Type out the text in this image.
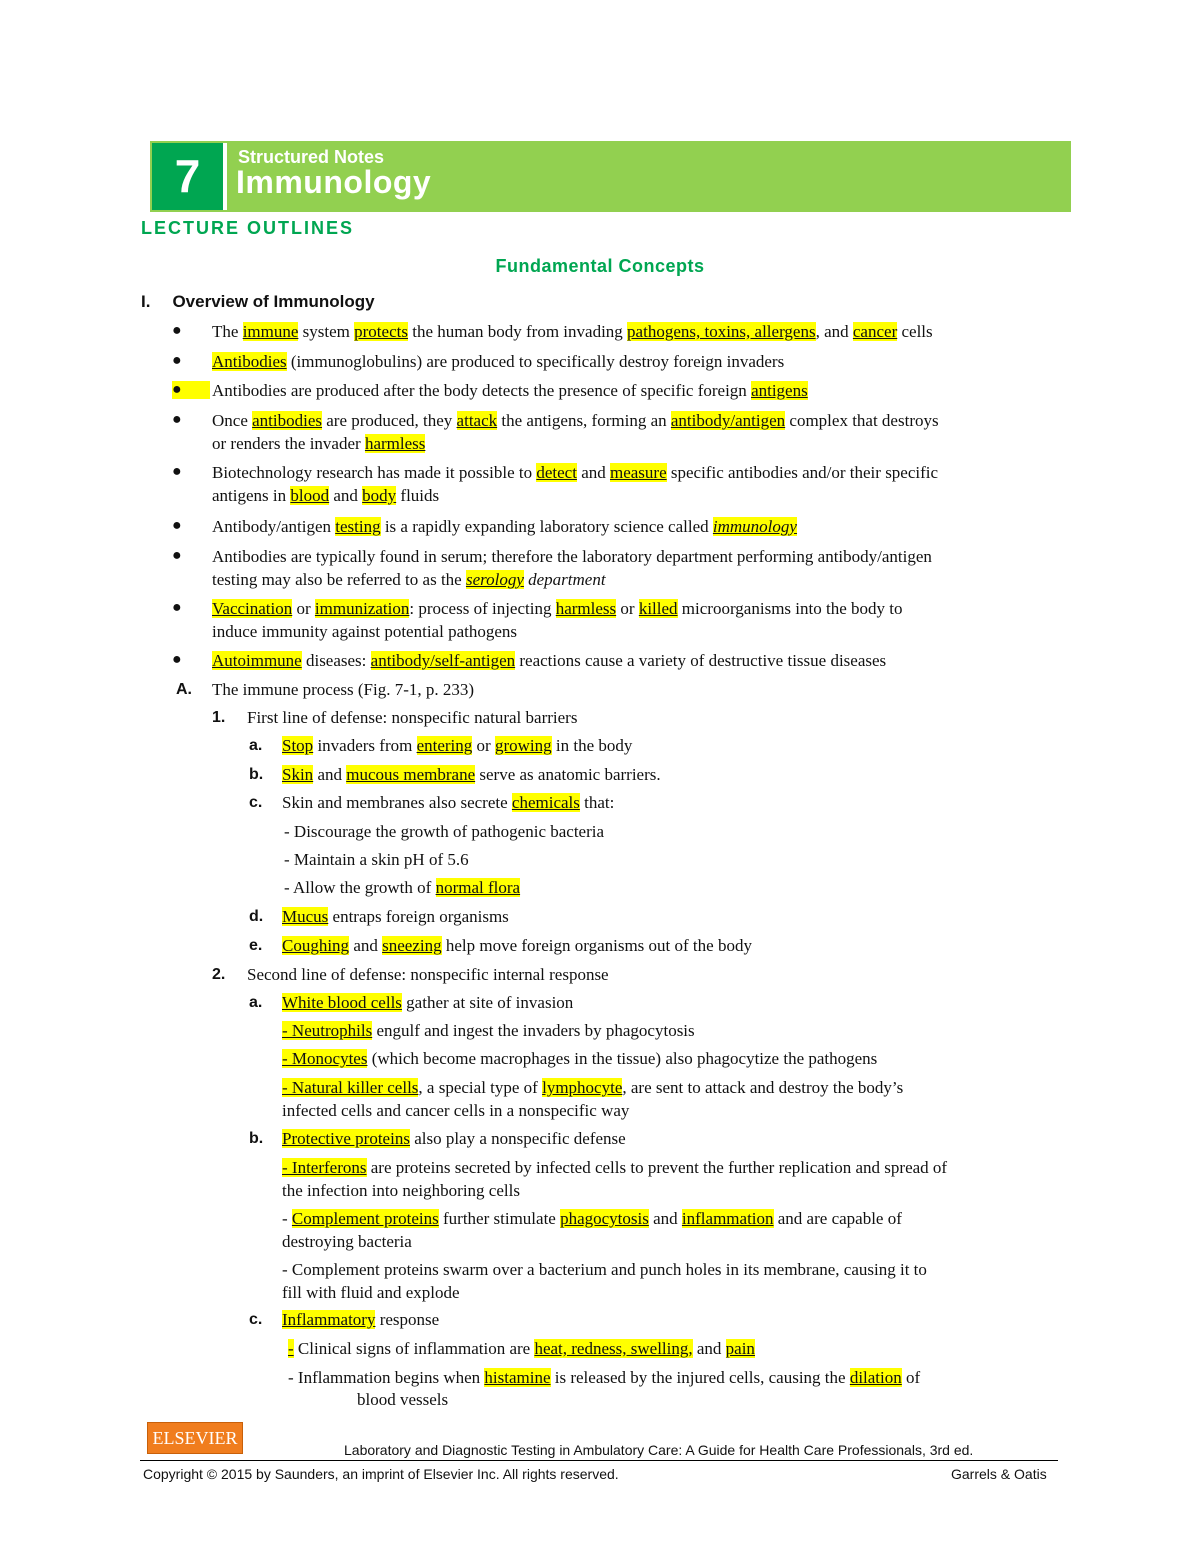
7	Structured Notes
Immunology
LECTURE OUTLINES
Fundamental Concepts
I. Overview of Immunology
● The immune system protects the human body from invading pathogens, toxins, allergens, and cancer cells
● Antibodies (immunoglobulins) are produced to specifically destroy foreign invaders
●	Antibodies are produced after the body detects the presence of specific foreign antigens
● Once antibodies are produced, they attack the antigens, forming an antibody/antigen complex that destroys
or renders the invader harmless
● Biotechnology research has made it possible to detect and measure specific antibodies and/or their specific
antigens in blood and body fluids
● Antibody/antigen testing is a rapidly expanding laboratory science called immunology
● Antibodies are typically found in serum; therefore the laboratory department performing antibody/antigen
testing may also be referred to as the serology department
● Vaccination or immunization: process of injecting harmless or killed microorganisms into the body to
induce immunity against potential pathogens
● Autoimmune diseases: antibody/self-antigen reactions cause a variety of destructive tissue diseases
A. The immune process (Fig. 7-1, p. 233)
1. First line of defense: nonspecific natural barriers
a. Stop invaders from entering or growing in the body
b. Skin and mucous membrane serve as anatomic barriers.
c. Skin and membranes also secrete chemicals that:
- Discourage the growth of pathogenic bacteria
- Maintain a skin pH of 5.6
- Allow the growth of normal flora
d. Mucus entraps foreign organisms
e. Coughing and sneezing help move foreign organisms out of the body
2. Second line of defense: nonspecific internal response
a. White blood cells gather at site of invasion
- Neutrophils engulf and ingest the invaders by phagocytosis
- Monocytes (which become macrophages in the tissue) also phagocytize the pathogens
- Natural killer cells, a special type of lymphocyte, are sent to attack and destroy the body’s
infected cells and cancer cells in a nonspecific way
b. Protective proteins also play a nonspecific defense
- Interferons are proteins secreted by infected cells to prevent the further replication and spread of
the infection into neighboring cells
- Complement proteins further stimulate phagocytosis and inflammation and are capable of
destroying bacteria
- Complement proteins swarm over a bacterium and punch holes in its membrane, causing it to
fill with fluid and explode
c. Inflammatory response
- Clinical signs of inflammation are heat, redness, swelling, and pain
- Inflammation begins when histamine is released by the injured cells, causing the dilation of
blood vessels
ELSEVIER
Laboratory and Diagnostic Testing in Ambulatory Care: A Guide for Health Care Professionals, 3rd ed.
Copyright © 2015 by Saunders, an imprint of Elsevier Inc. All rights reserved.	Garrels & Oatis
